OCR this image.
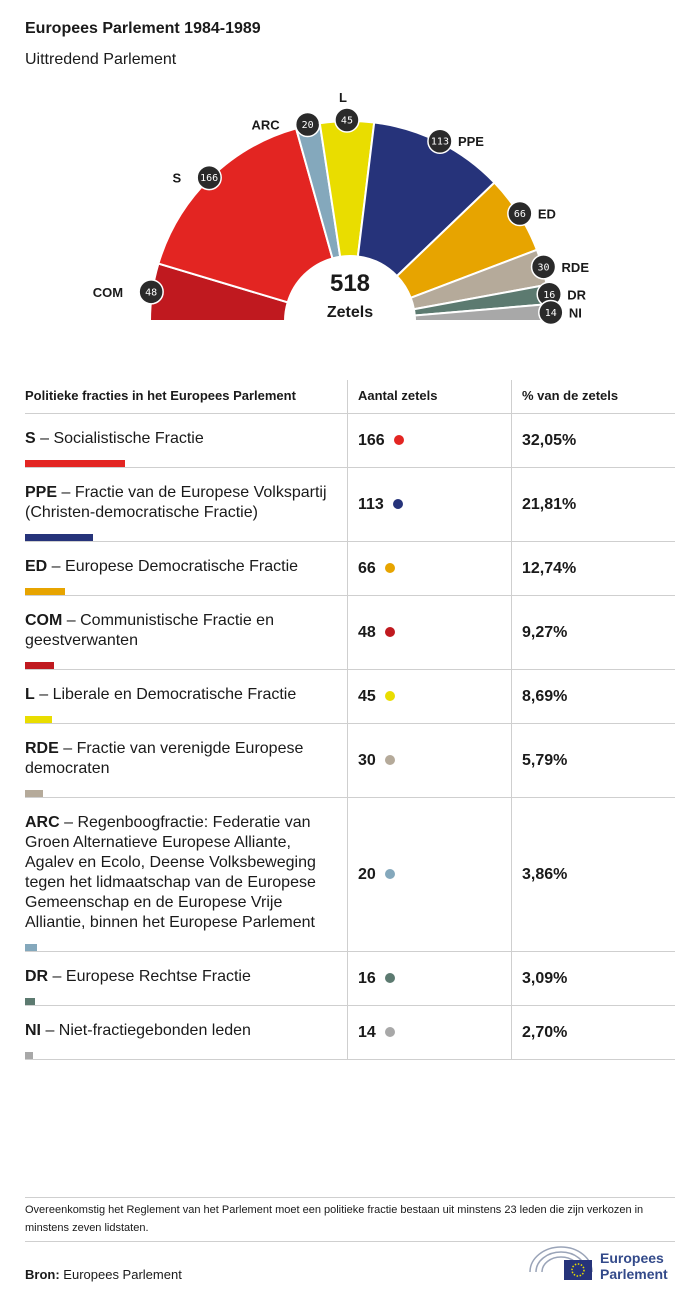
Europees Parlement 1984-1989
Uittredend Parlement
48
COM
166
S
20
ARC	45
L
113 PPE
66 ED
30 RDE
16 DR
14 NI
518
Zetels
Politieke fracties in het Europees Parlement	Aantal zetels	% van de zetels

S – Socialistische Fractie	166	32,05%

PPE – Fractie van de Europese Volkspartij (Christen-democratische Fractie)	113	21,81%

ED – Europese Democratische Fractie	66	12,74%

COM – Communistische Fractie en geestverwanten	48	9,27%

L – Liberale en Democratische Fractie	45	8,69%

RDE – Fractie van verenigde Europese democraten	30	5,79%

ARC – Regenboogfractie: Federatie van Groen Alternatieve Europese Alliante, Agalev en Ecolo, Deense Volksbeweging tegen het lidmaatschap van de Europese Gemeenschap en de Europese Vrije Alliantie, binnen het Europese Parlement	20	3,86%

DR – Europese Rechtse Fractie	16	3,09%

NI – Niet-fractiegebonden leden	14	2,70%
Overeenkomstig het Reglement van het Parlement moet een politieke fractie bestaan uit minstens 23 leden die zijn verkozen in minstens zeven lidstaten.
Bron: Europees Parlement
Europees
Parlement
